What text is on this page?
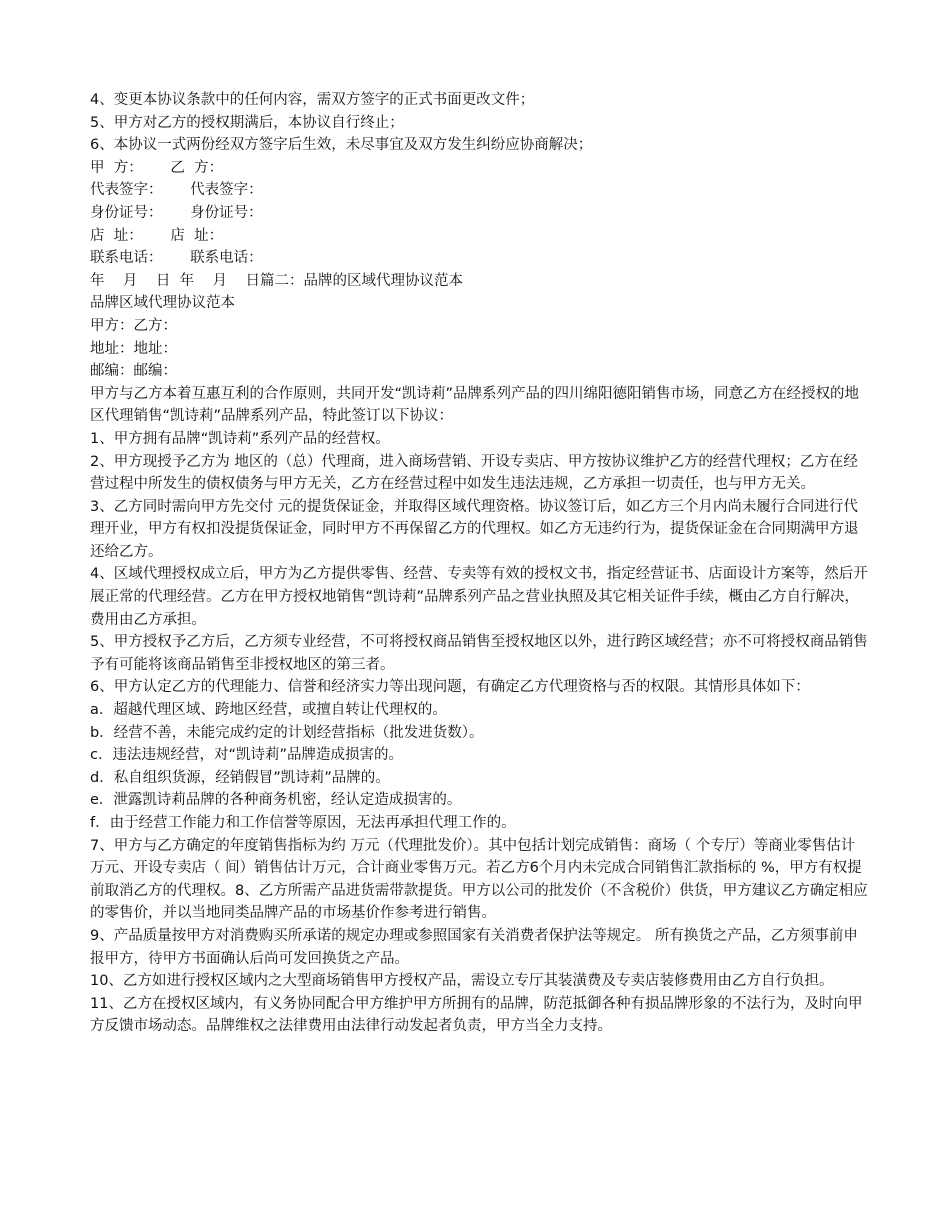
4、变更本协议条款中的任何内容，需双方签字的正式书面更改文件；
5、甲方对乙方的授权期满后，本协议自行终止；
6、本协议一式两份经双方签字后生效，未尽事宜及双方发生纠纷应协商解决；
甲  方：      乙  方：
代表签字：      代表签字：
身份证号：      身份证号：
店  址：      店  址：
联系电话：      联系电话：
年    月    日  年    月    日篇二：品牌的区域代理协议范本
品牌区域代理协议范本
甲方：乙方：
地址：地址：
邮编：邮编：

甲方与乙方本着互惠互利的合作原则，共同开发“凯诗莉”品牌系列产品的四川绵阳德阳销售市场，同意乙方在经授权的地区代理销售“凯诗莉”品牌系列产品，特此签订以下协议：

1、甲方拥有品牌“凯诗莉”系列产品的经营权。

2、甲方现授予乙方为 地区的（总）代理商，进入商场营销、开设专卖店、甲方按协议维护乙方的经营代理权；乙方在经营过程中所发生的债权债务与甲方无关，乙方在经营过程中如发生违法违规，乙方承担一切责任，也与甲方无关。

3、乙方同时需向甲方先交付 元的提货保证金，并取得区域代理资格。协议签订后，如乙方三个月内尚未履行合同进行代理开业，甲方有权扣没提货保证金，同时甲方不再保留乙方的代理权。如乙方无违约行为，提货保证金在合同期满甲方退还给乙方。

4、区域代理授权成立后，甲方为乙方提供零售、经营、专卖等有效的授权文书，指定经营证书、店面设计方案等，然后开展正常的代理经营。乙方在甲方授权地销售“凯诗莉”品牌系列产品之营业执照及其它相关证件手续，概由乙方自行解决，费用由乙方承担。

5、甲方授权予乙方后，乙方须专业经营，不可将授权商品销售至授权地区以外，进行跨区域经营；亦不可将授权商品销售予有可能将该商品销售至非授权地区的第三者。

6、甲方认定乙方的代理能力、信誉和经济实力等出现问题，有确定乙方代理资格与否的权限。其情形具体如下：

a．超越代理区域、跨地区经营，或擅自转让代理权的。

b．经营不善，未能完成约定的计划经营指标（批发进货数）。

c．违法违规经营，对“凯诗莉”品牌造成损害的。

d．私自组织货源，经销假冒”凯诗莉”品牌的。

e．泄露凯诗莉品牌的各种商务机密，经认定造成损害的。

f．由于经营工作能力和工作信誉等原因，无法再承担代理工作的。

7、甲方与乙方确定的年度销售指标为约 万元（代理批发价）。其中包括计划完成销售：商场（ 个专厅）等商业零售估计万元、开设专卖店（ 间）销售估计万元，合计商业零售万元。若乙方6个月内未完成合同销售汇款指标的 %，甲方有权提前取消乙方的代理权。8、乙方所需产品进货需带款提货。甲方以公司的批发价（不含税价）供货，甲方建议乙方确定相应的零售价，并以当地同类品牌产品的市场基价作参考进行销售。

9、产品质量按甲方对消费购买所承诺的规定办理或参照国家有关消费者保护法等规定。 所有换货之产品，乙方须事前申报甲方，待甲方书面确认后尚可发回换货之产品。

10、乙方如进行授权区域内之大型商场销售甲方授权产品，需设立专厅其装潢费及专卖店装修费用由乙方自行负担。

11、乙方在授权区域内，有义务协同配合甲方维护甲方所拥有的品牌，防范抵御各种有损品牌形象的不法行为，及时向甲方反馈市场动态。品牌维权之法律费用由法律行动发起者负责，甲方当全力支持。
